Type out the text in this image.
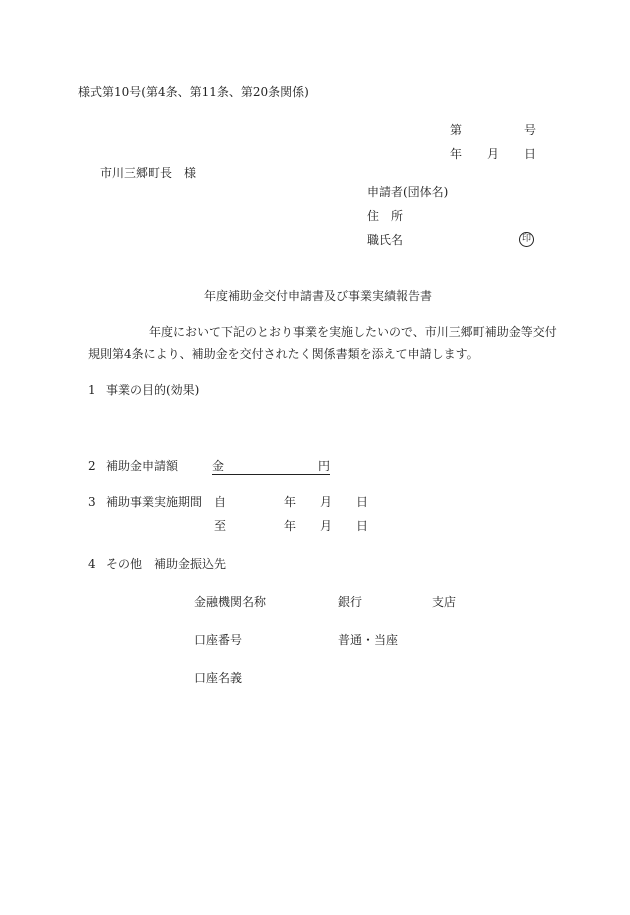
様式第10号(第4条、第11条、第20条関係)
第	号
年 月 日
市川三郷町長　様
申請者(団体名)
住　所
職氏名	印
年度補助金交付申請書及び事業実績報告書
年度において下記のとおり事業を実施したいので、市川三郷町補助金等交付
規則第4条により、補助金を交付されたく関係書類を添えて申請します。
1 事業の目的(効果)
2 補助金申請額	金	円
3 補助事業実施期間 自	年 月 日
至	年 月 日
4 その他　補助金振込先
金融機関名称	銀行	支店
口座番号	普通・当座
口座名義
